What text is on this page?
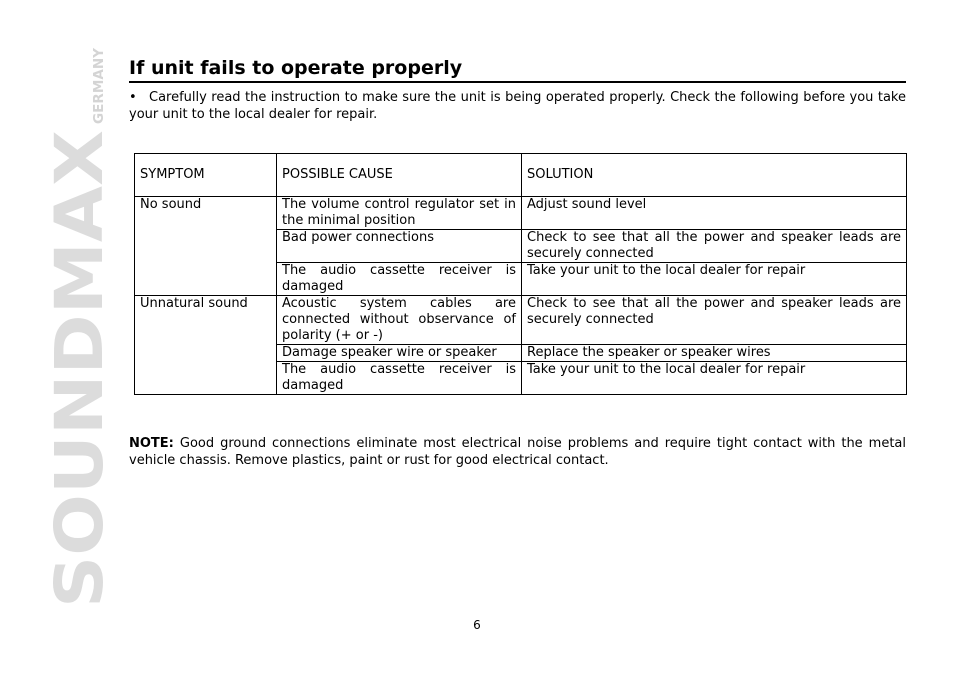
SOUNDMAX
GERMANY If unit fails to operate properly
• Carefully read the instruction to make sure the unit is being operated properly. Check the following before you take your unit to the local dealer for repair.
SYMPTOM	POSSIBLE CAUSE	SOLUTION
No sound	The volume control regulator set in the minimal position	Adjust sound level
	Bad power connections	Check to see that all the power and speaker leads are securely connected
	The audio cassette receiver is damaged	Take your unit to the local dealer for repair
Unnatural sound	Acoustic system cables are connected without observance of polarity (+ or -)	Check to see that all the power and speaker leads are securely connected
	Damage speaker wire or speaker	Replace the speaker or speaker wires
	The audio cassette receiver is damaged	Take your unit to the local dealer for repair
NOTE: Good ground connections eliminate most electrical noise problems and require tight contact with the metal vehicle chassis. Remove plastics, paint or rust for good electrical contact.
6
